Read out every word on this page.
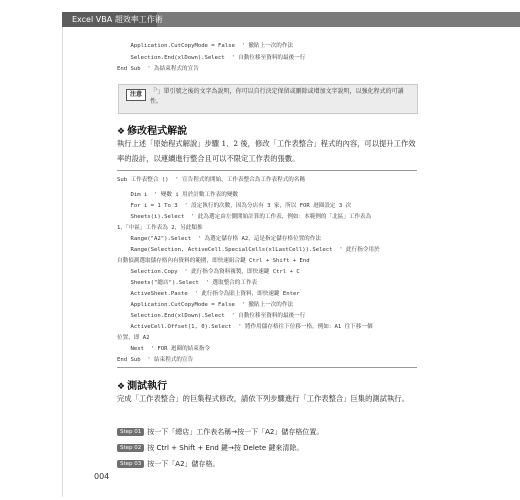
Excel VBA 超效率工作術
Application.CutCopyMode = False  ' 撤貼上一次的作法
Selection.End(xlDown).Select  ' 自動位移至資料的最後一行
End Sub  ' 為結束程式的宣告
注意	「'」單引號之後的文字為說明，你可以自行決定保留或刪除或增加文字說明，以強化程式的可讀性。
❖ 修改程式解說
執行上述「原始程式解說」步驟 1、2 後，修改「工作表整合」程式的內容，可以提升工作效率的設計，以連續進行整合且可以不限定工作表的張數。
Sub 工作表整合 ()  ' 宣告程式的開始，工作表整合為工作表程式的名稱
Dim i  ' 變數 i 用於計數工作表的變數
For i = 1 To 3  ' 設定執行的次數，因為分店有 3 家，所以 FOR 迴圈設定 3 次
Sheets(i).Select  ' 此為選定由左側開始計算的工作表，例如：本範例的「北區」工作表為
1、「中區」工作表為 2，另此類推
Range("A2").Select  ' 為選定儲存格 A2，這是指定儲存格位置的作法
Range(Selection, ActiveCell.SpecialCells(xlLastCell)).Select  ' 此行指令用於
自動偵測選取儲存格內有資料的範圍，即快速組合鍵 Ctrl + Shift + End
Selection.Copy  ' 此行指令為資料複製，即快速鍵 Ctrl + C
Sheets("總店").Select  ' 選取整合的工作表
ActiveSheet.Paste  ' 此行指令為貼上資料，即快速鍵 Enter
Application.CutCopyMode = False  ' 撤貼上一次的作法
Selection.End(xlDown).Select  ' 自動位移至資料的最後一行
ActiveCell.Offset(1, 0).Select  ' 將作用儲存格往下位移一格，例如：A1 往下移一個
位置，即 A2
Next  ' FOR 迴圈的結束指令
End Sub  ' 結束程式的宣告
❖ 測試執行
完成「工作表整合」的巨集程式修改，請依下列步驟進行「工作表整合」巨集的測試執行。
Step 01 按一下「總店」工作表名稱→按一下「A2」儲存格位置。
Step 02 按 Ctrl + Shift + End 鍵→按 Delete 鍵來清除。
Step 03 按一下「A2」儲存格。
004
